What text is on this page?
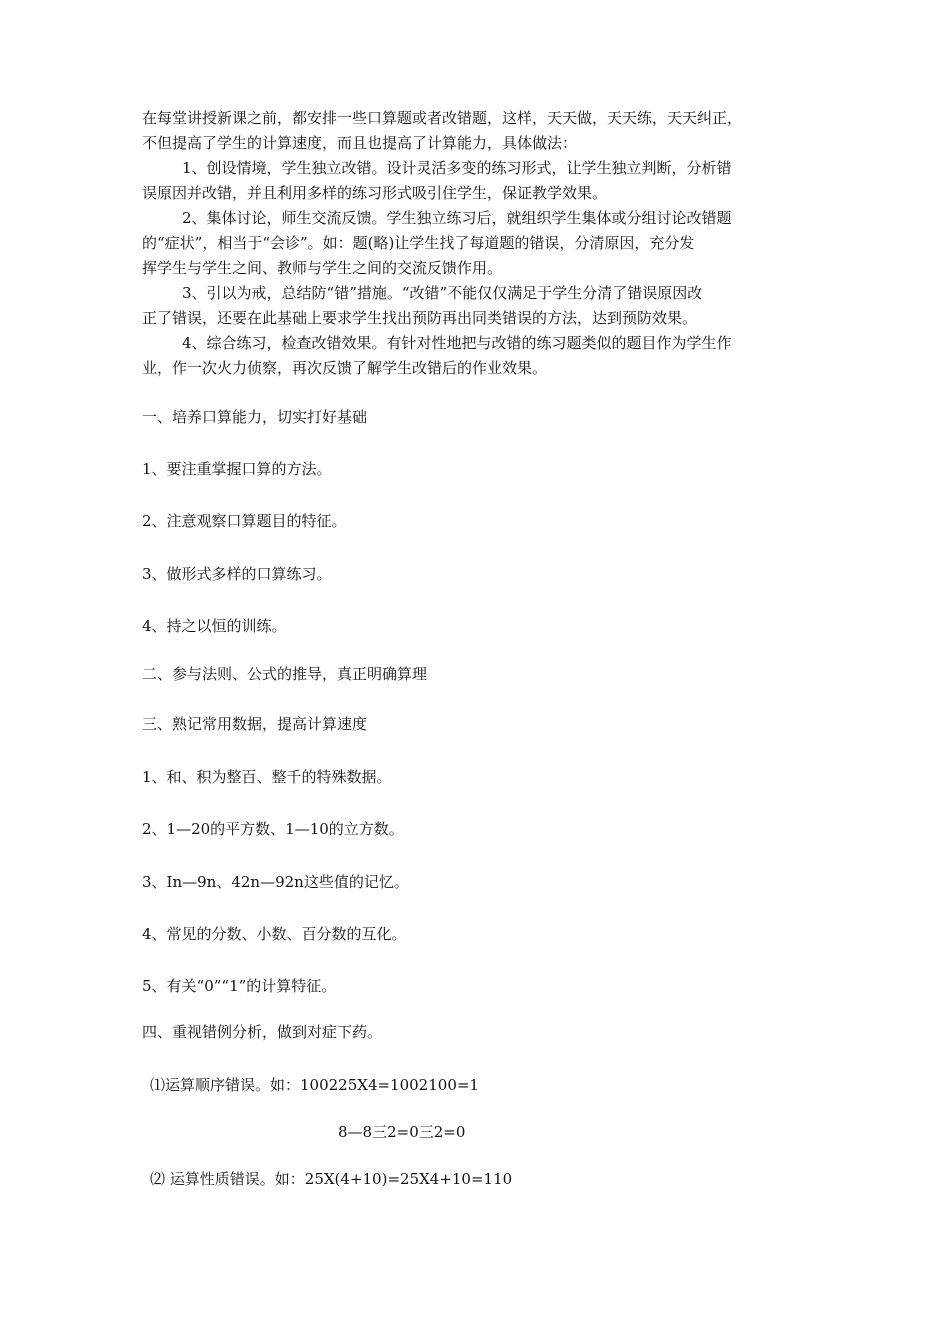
在每堂讲授新课之前，都安排一些口算题或者改错题，这样，天天做，天天练，天天纠正，
不但提高了学生的计算速度，而且也提高了计算能力，具体做法：
1、创设情境，学生独立改错。设计灵活多变的练习形式，让学生独立判断，分析错
误原因并改错，并且利用多样的练习形式吸引住学生，保证教学效果。
2、集体讨论，师生交流反馈。学生独立练习后，就组织学生集体或分组讨论改错题
的“症状”，相当于“会诊”。如：题(略)让学生找了每道题的错误，分清原因，充分发
挥学生与学生之间、教师与学生之间的交流反馈作用。
3、引以为戒，总结防“错”措施。“改错”不能仅仅满足于学生分清了错误原因改
正了错误，还要在此基础上要求学生找出预防再出同类错误的方法，达到预防效果。
4、综合练习，检查改错效果。有针对性地把与改错的练习题类似的题目作为学生作
业，作一次火力侦察，再次反馈了解学生改错后的作业效果。
一、培养口算能力，切实打好基础
1、要注重掌握口算的方法。
2、注意观察口算题目的特征。
3、做形式多样的口算练习。
4、持之以恒的训练。
二、参与法则、公式的推导，真正明确算理
三、熟记常用数据，提高计算速度
1、和、积为整百、整千的特殊数据。
2、1—20的平方数、1—10的立方数。
3、In—9n、42n—92n这些值的记忆。
4、常见的分数、小数、百分数的互化。
5、有关“0”“1”的计算特征。
四、重视错例分析，做到对症下药。
⑴运算顺序错误。如：100225X4=1002100=1
8—8三2=0三2=0
⑵ 运算性质错误。如：25X(4+10)=25X4+10=110
